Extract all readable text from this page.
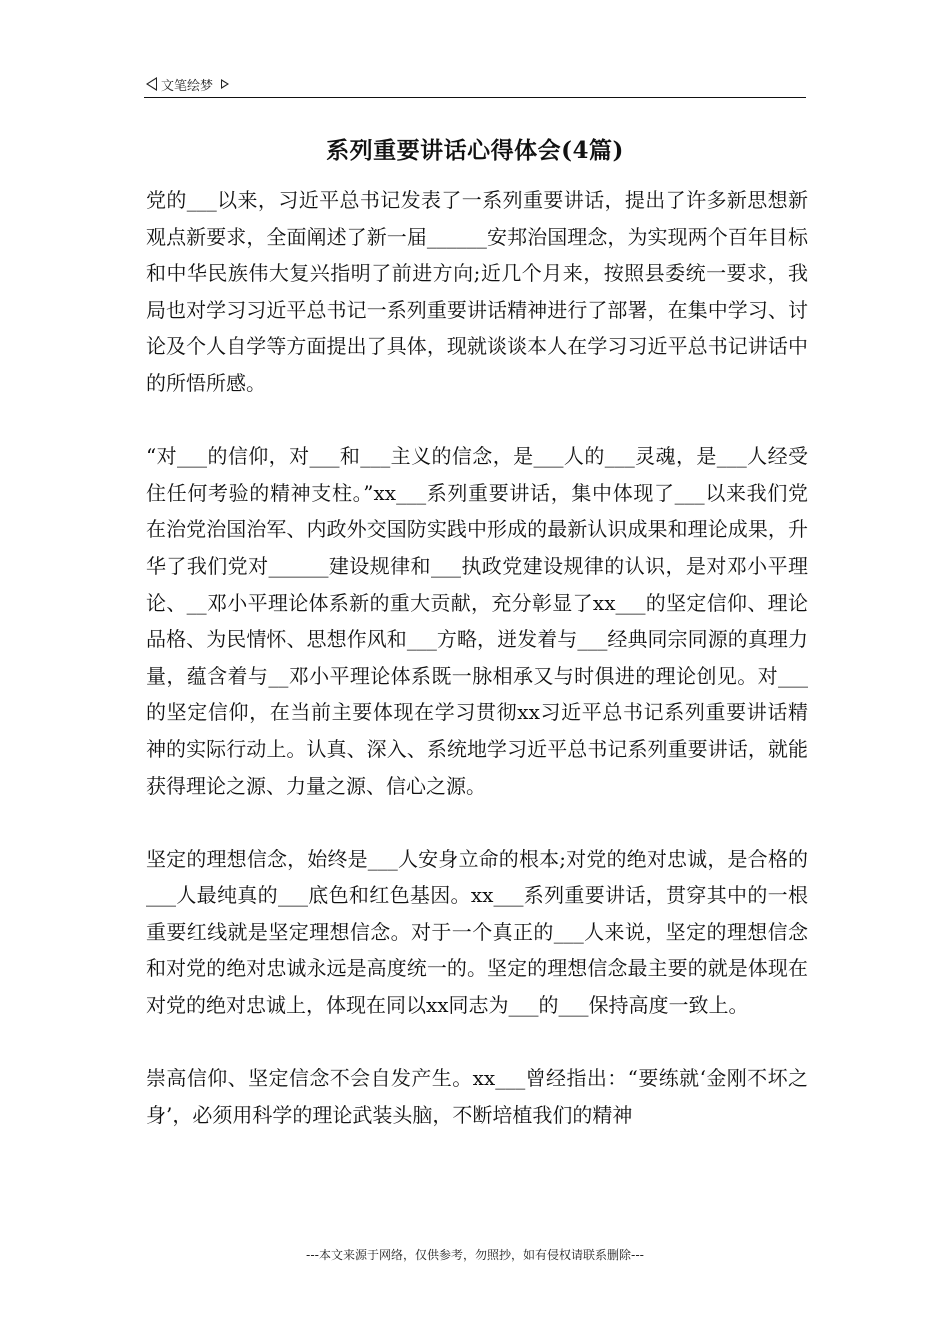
文笔绘梦
系列重要讲话心得体会(4篇)

党的___以来，习近平总书记发表了一系列重要讲话，提出了许多新思想新观点新要求，全面阐述了新一届______安邦治国理念，为实现两个百年目标和中华民族伟大复兴指明了前进方向;近几个月来，按照县委统一要求，我局也对学习习近平总书记一系列重要讲话精神进行了部署，在集中学习、讨论及个人自学等方面提出了具体，现就谈谈本人在学习习近平总书记讲话中的所悟所感。

“对___的信仰，对___和___主义的信念，是___人的___灵魂，是___人经受住任何考验的精神支柱。”xx___系列重要讲话，集中体现了___以来我们党在治党治国治军、内政外交国防实践中形成的最新认识成果和理论成果，升华了我们党对______建设规律和___执政党建设规律的认识，是对邓小平理论、__邓小平理论体系新的重大贡献，充分彰显了xx___的坚定信仰、理论品格、为民情怀、思想作风和___方略，迸发着与___经典同宗同源的真理力量，蕴含着与__邓小平理论体系既一脉相承又与时俱进的理论创见。对___的坚定信仰，在当前主要体现在学习贯彻xx习近平总书记系列重要讲话精神的实际行动上。认真、深入、系统地学习近平总书记系列重要讲话，就能获得理论之源、力量之源、信心之源。

坚定的理想信念，始终是___人安身立命的根本;对党的绝对忠诚，是合格的___人最纯真的___底色和红色基因。xx___系列重要讲话，贯穿其中的一根重要红线就是坚定理想信念。对于一个真正的___人来说，坚定的理想信念和对党的绝对忠诚永远是高度统一的。坚定的理想信念最主要的就是体现在对党的绝对忠诚上，体现在同以xx同志为___的___保持高度一致上。

崇高信仰、坚定信念不会自发产生。xx___曾经指出：“要练就‘金刚不坏之身’，必须用科学的理论武装头脑，不断培植我们的精神

---本文来源于网络，仅供参考，勿照抄，如有侵权请联系删除---
